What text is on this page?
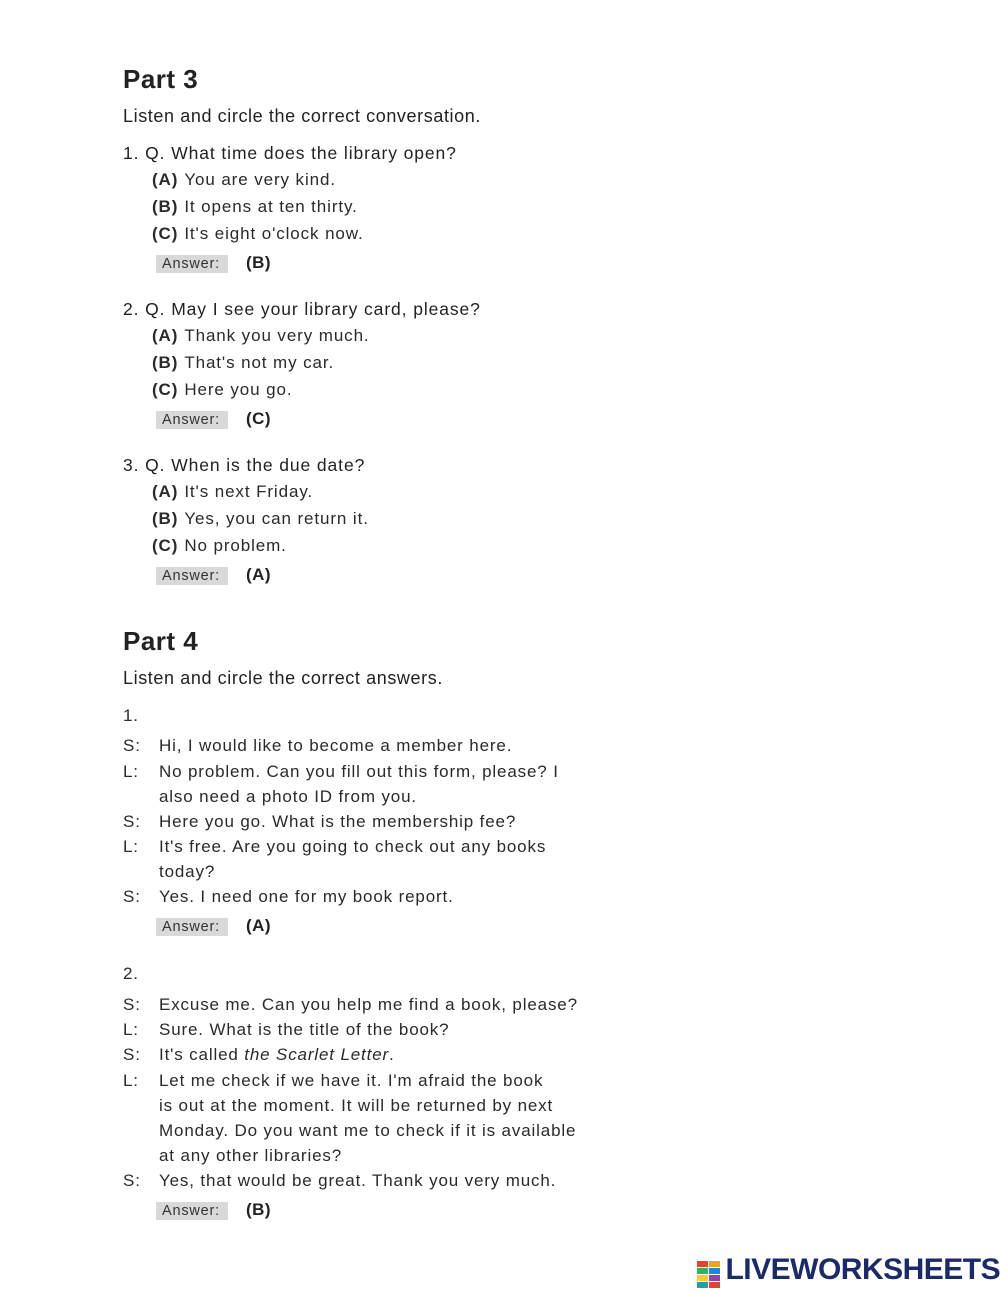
Part 3
Listen and circle the correct conversation.
1. Q. What time does the library open?
(A) You are very kind.
(B) It opens at ten thirty.
(C) It's eight o'clock now.
Answer: (B)
2. Q. May I see your library card, please?
(A) Thank you very much.
(B) That's not my car.
(C) Here you go.
Answer: (C)
3. Q. When is the due date?
(A) It's next Friday.
(B) Yes, you can return it.
(C) No problem.
Answer: (A)
Part 4
Listen and circle the correct answers.
1.
S: Hi, I would like to become a member here.
L: No problem. Can you fill out this form, please? I
also need a photo ID from you.
S: Here you go. What is the membership fee?
L: It's free. Are you going to check out any books
today?
S: Yes. I need one for my book report.
Answer: (A)
2.
S: Excuse me. Can you help me find a book, please?
L: Sure. What is the title of the book?
S: It's called the Scarlet Letter.
L: Let me check if we have it. I'm afraid the book
is out at the moment. It will be returned by next
Monday. Do you want me to check if it is available
at any other libraries?
S: Yes, that would be great. Thank you very much.
Answer: (B)
LIVEWORKSHEETS
